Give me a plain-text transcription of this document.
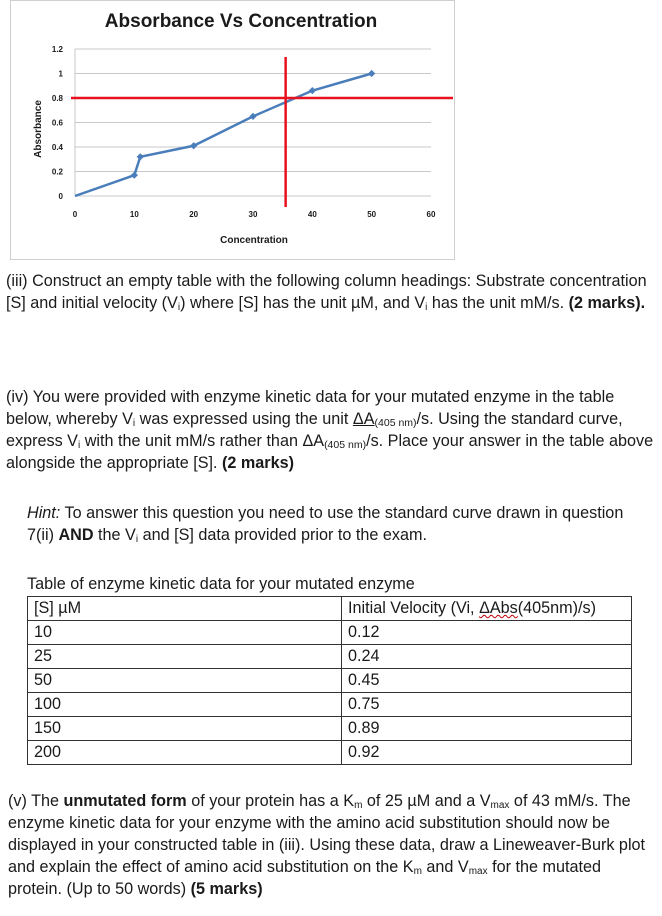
Absorbance Vs Concentration
0
0.2
0.4
0.6
0.8
1
1.2
0	10	20	30	40	50	60
Absorbance
Concentration

(iii) Construct an empty table with the following column headings: Substrate concentration [S] and initial velocity $(V_i)$ where [S] has the unit µM, and $V_i$ has the unit mM/s. (2 marks).

(iv) You were provided with enzyme kinetic data for your mutated enzyme in the table below, whereby $V_i$ was expressed using the unit $\Delta A_{(405 nm)}/s$. Using the standard curve, express $V_i$ with the unit mM/s rather than $\Delta A_{(405 nm)}/s$. Place your answer in the table above alongside the appropriate [S]. (2 marks)

Hint: To answer this question you need to use the standard curve drawn in question 7(ii) AND the $V_i$ and [S] data provided prior to the exam.

Table of enzyme kinetic data for your mutated enzyme

[S] µM	Initial Velocity (Vi, ΔAbs(405nm)/s)
10	0.12
25	0.24
50	0.45
100	0.75
150	0.89
200	0.92

(v) The unmutated form of your protein has a $K_m$ of 25 µM and a $V_{max}$ of 43 mM/s. The enzyme kinetic data for your enzyme with the amino acid substitution should now be displayed in your constructed table in (iii). Using these data, draw a Lineweaver-Burk plot and explain the effect of amino acid substitution on the $K_m$ and $V_{max}$ for the mutated protein. (Up to 50 words) (5 marks)
